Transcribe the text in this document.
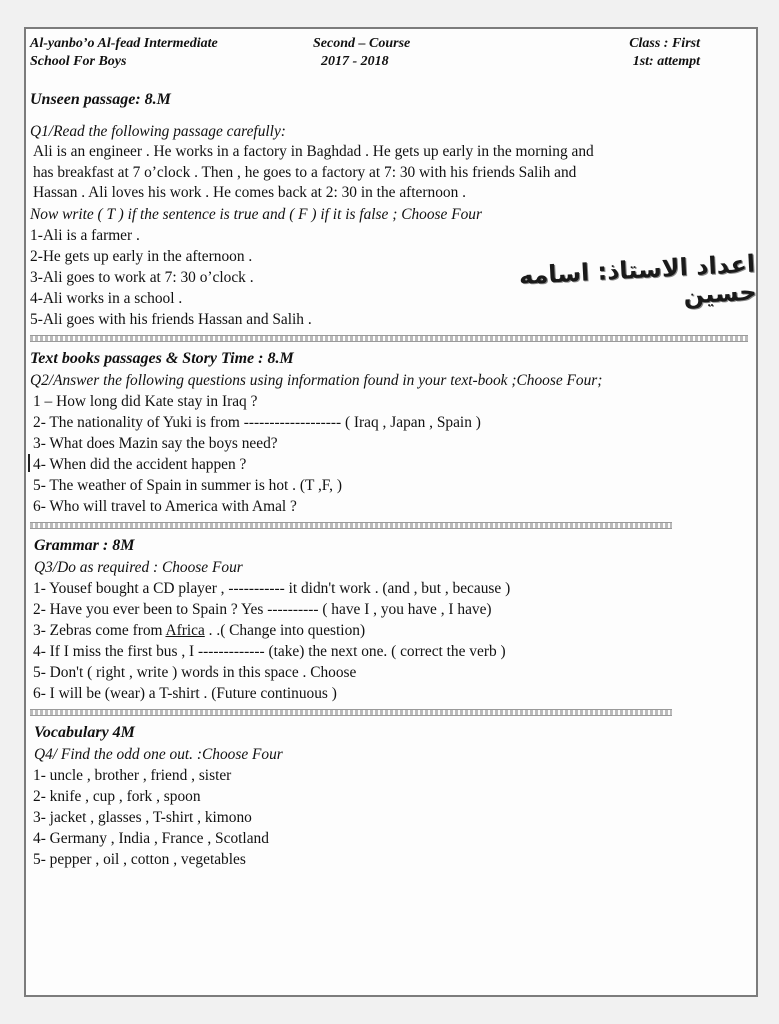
Al-yanbo’o Al-fead Intermediate
School For Boys
Second – Course
2017 - 2018
Class : First
1st: attempt
اعداد الاستاذ: اسامه حسين
Unseen passage: 8.M
Q1/Read the following passage carefully:
Ali is an engineer . He works in a factory in Baghdad . He gets up early in the morning and
has breakfast at 7 o’clock . Then , he goes to a factory at 7: 30 with his friends Salih and
Hassan . Ali loves his work . He comes back at 2: 30 in the afternoon .
Now write ( T ) if the sentence is true and ( F ) if it is false ; Choose Four
1-Ali is a farmer .
2-He gets up early in the afternoon .
3-Ali goes to work at 7: 30 o’clock .
4-Ali works in a school .
5-Ali goes with his friends Hassan and Salih .
Text books passages & Story Time : 8.M
Q2/Answer the following questions using information found in your text-book ;Choose Four;
1 – How long did Kate stay in Iraq ?
2- The nationality of Yuki is from ------------------- ( Iraq , Japan , Spain )
3- What does Mazin say the boys need?
4- When did the accident happen ?
5- The weather of Spain in summer is hot . (T ,F, )
6- Who will travel to America with Amal ?
Grammar : 8M
Q3/Do as required : Choose Four
1- Yousef bought a CD player , ----------- it didn't work . (and , but , because )
2- Have you ever been to Spain ? Yes ---------- ( have I , you have , I have)
3- Zebras come from Africa . .( Change into question)
4- If I miss the first bus , I ------------- (take) the next one. ( correct the verb )
5- Don't ( right , write ) words in this space . Choose
6- I will be (wear) a T-shirt . (Future continuous )
Vocabulary 4M
Q4/ Find the odd one out. :Choose Four
1- uncle , brother , friend , sister
2- knife , cup , fork , spoon
3- jacket , glasses , T-shirt , kimono
4- Germany , India , France , Scotland
5- pepper , oil , cotton , vegetables
